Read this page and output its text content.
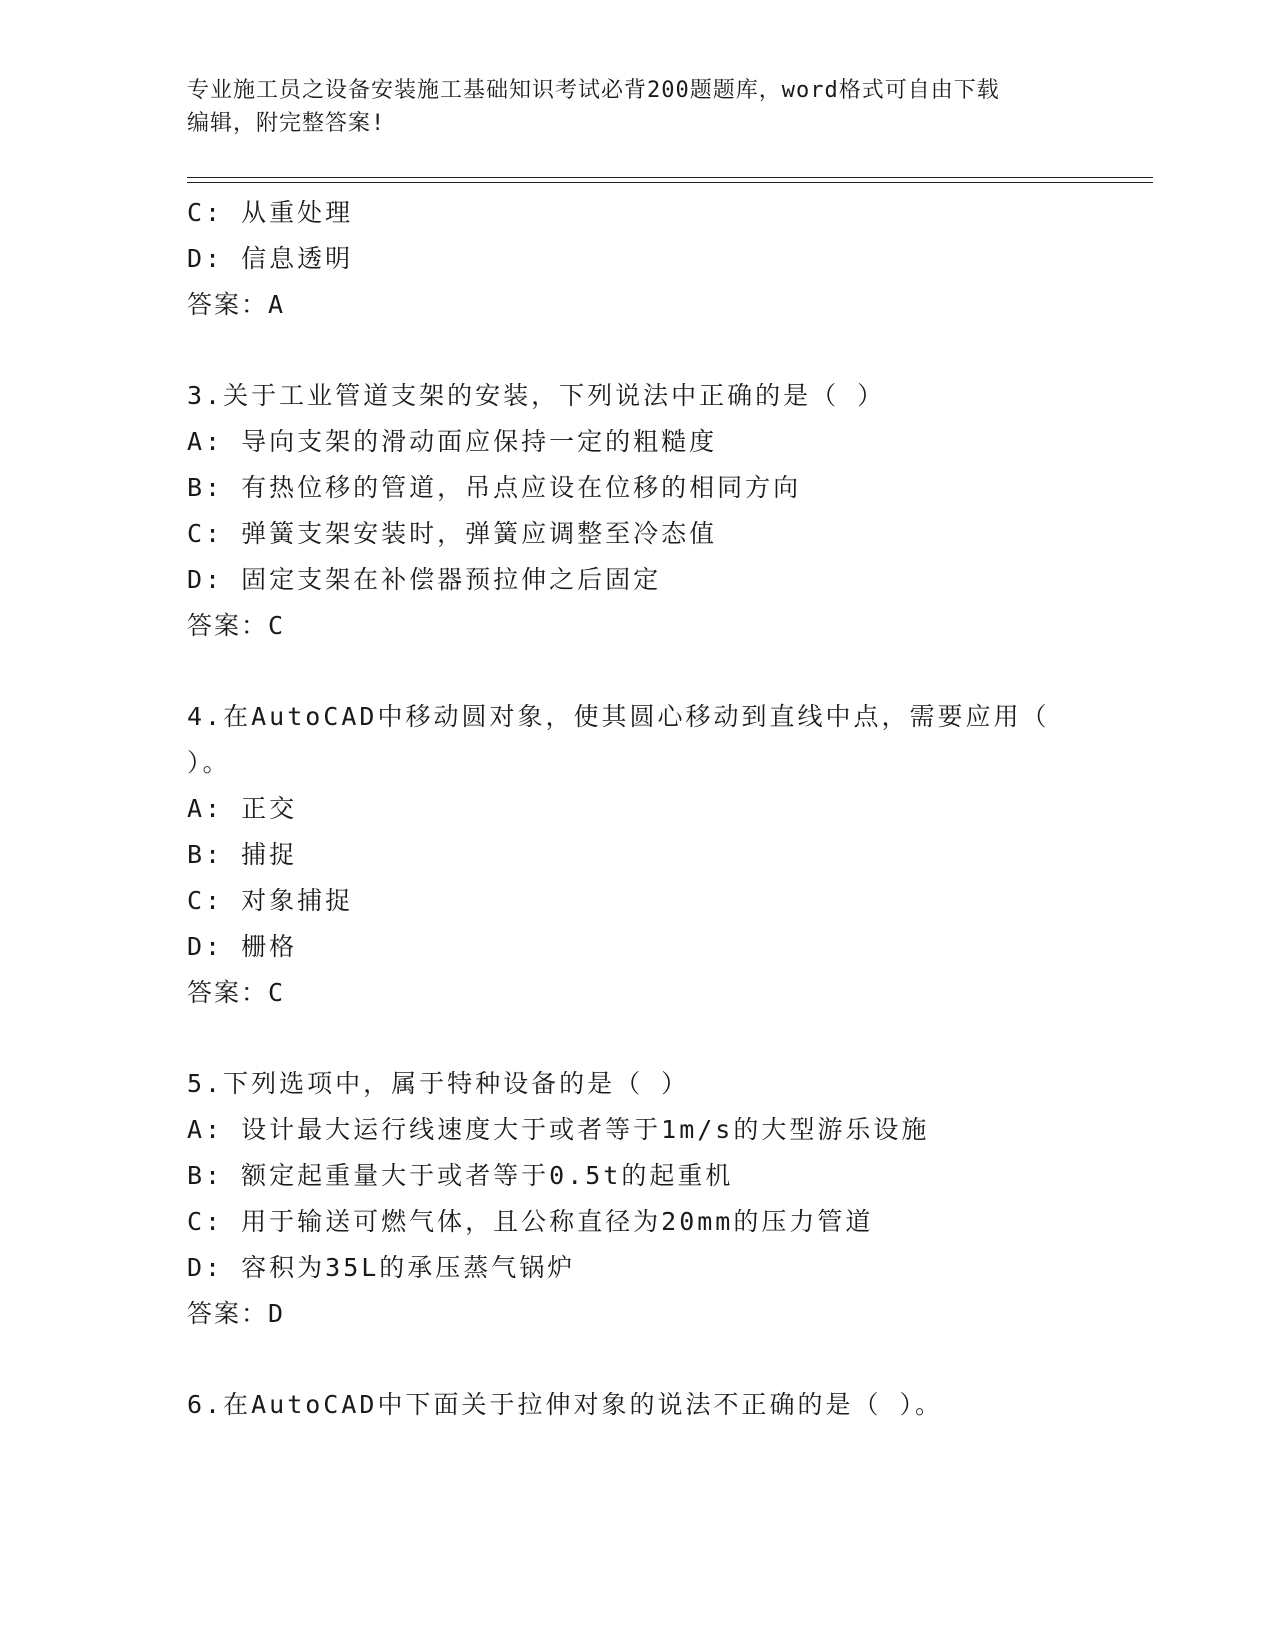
专业施工员之设备安装施工基础知识考试必背200题题库，word格式可自由下载
编辑，附完整答案!
C: 从重处理
D: 信息透明
答案：A
3.关于工业管道支架的安装，下列说法中正确的是（ ）
A: 导向支架的滑动面应保持一定的粗糙度
B: 有热位移的管道，吊点应设在位移的相同方向
C: 弹簧支架安装时，弹簧应调整至冷态值
D: 固定支架在补偿器预拉伸之后固定
答案：C
4.在AutoCAD中移动圆对象，使其圆心移动到直线中点，需要应用（
）。
A: 正交
B: 捕捉
C: 对象捕捉
D: 栅格
答案：C
5.下列选项中，属于特种设备的是（ ）
A: 设计最大运行线速度大于或者等于1m/s的大型游乐设施
B: 额定起重量大于或者等于0.5t的起重机
C: 用于输送可燃气体，且公称直径为20mm的压力管道
D: 容积为35L的承压蒸气锅炉
答案：D
6.在AutoCAD中下面关于拉伸对象的说法不正确的是（ ）。
